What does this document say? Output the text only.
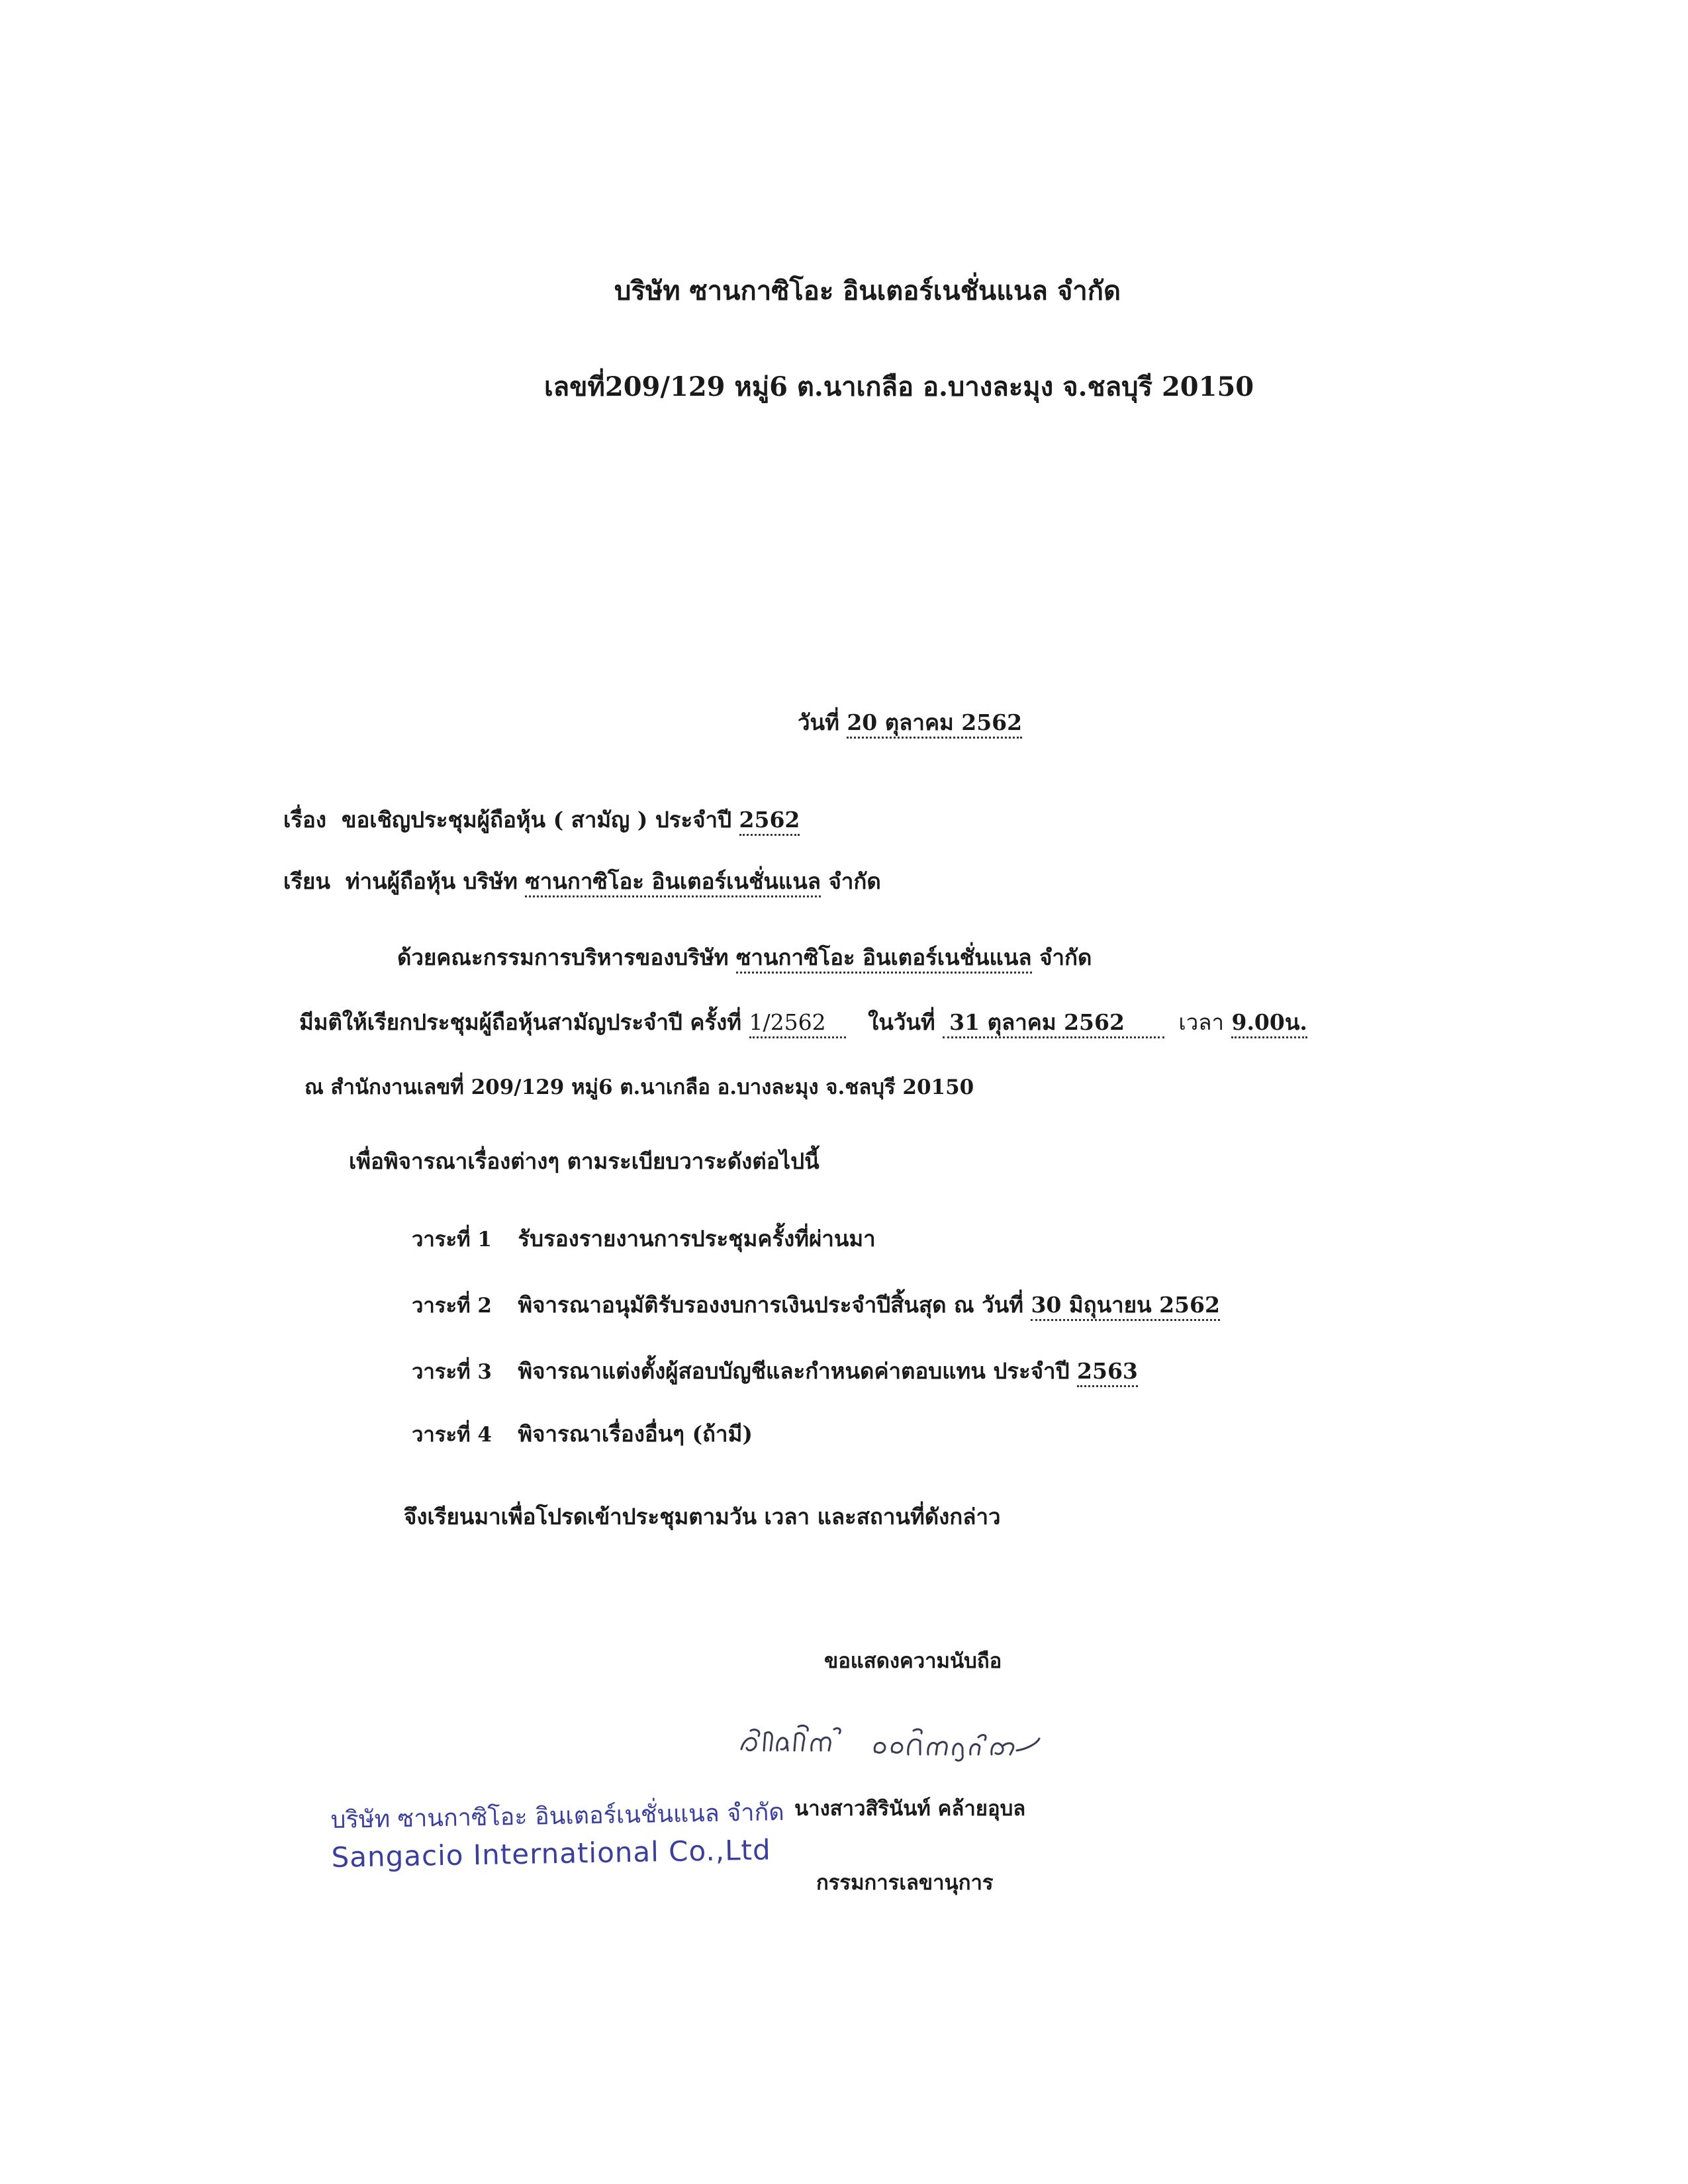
บริษัท ซานกาซิโอะ อินเตอร์เนชั่นแนล จำกัด
เลขที่209/129 หมู่6 ต.นาเกลือ อ.บางละมุง จ.ชลบุรี 20150
วันที่ 20 ตุลาคม 2562
เรื่อง ขอเชิญประชุมผู้ถือหุ้น ( สามัญ ) ประจำปี 2562
เรียน ท่านผู้ถือหุ้น บริษัท ซานกาซิโอะ อินเตอร์เนชั่นแนล จำกัด
ด้วยคณะกรรมการบริหารของบริษัท ซานกาซิโอะ อินเตอร์เนชั่นแนล จำกัด
มีมติให้เรียกประชุมผู้ถือหุ้นสามัญประจำปี ครั้งที่ 1/2562 ในวันที่ 31 ตุลาคม 2562 เวลา 9.00น.
ณ สำนักงานเลขที่ 209/129 หมู่6 ต.นาเกลือ อ.บางละมุง จ.ชลบุรี 20150
เพื่อพิจารณาเรื่องต่างๆ ตามระเบียบวาระดังต่อไปนี้
วาระที่ 1 รับรองรายงานการประชุมครั้งที่ผ่านมา
วาระที่ 2 พิจารณาอนุมัติรับรองงบการเงินประจำปีสิ้นสุด ณ วันที่ 30 มิถุนายน 2562
วาระที่ 3 พิจารณาแต่งตั้งผู้สอบบัญชีและกำหนดค่าตอบแทน ประจำปี 2563
วาระที่ 4 พิจารณาเรื่องอื่นๆ (ถ้ามี)
จึงเรียนมาเพื่อโปรดเข้าประชุมตามวัน เวลา และสถานที่ดังกล่าว
ขอแสดงความนับถือ
นางสาวสิรินันท์ คล้ายอุบล
กรรมการเลขานุการ
บริษัท ซานกาซิโอะ อินเตอร์เนชั่นแนล จำกัด
Sangacio International Co.,Ltd
